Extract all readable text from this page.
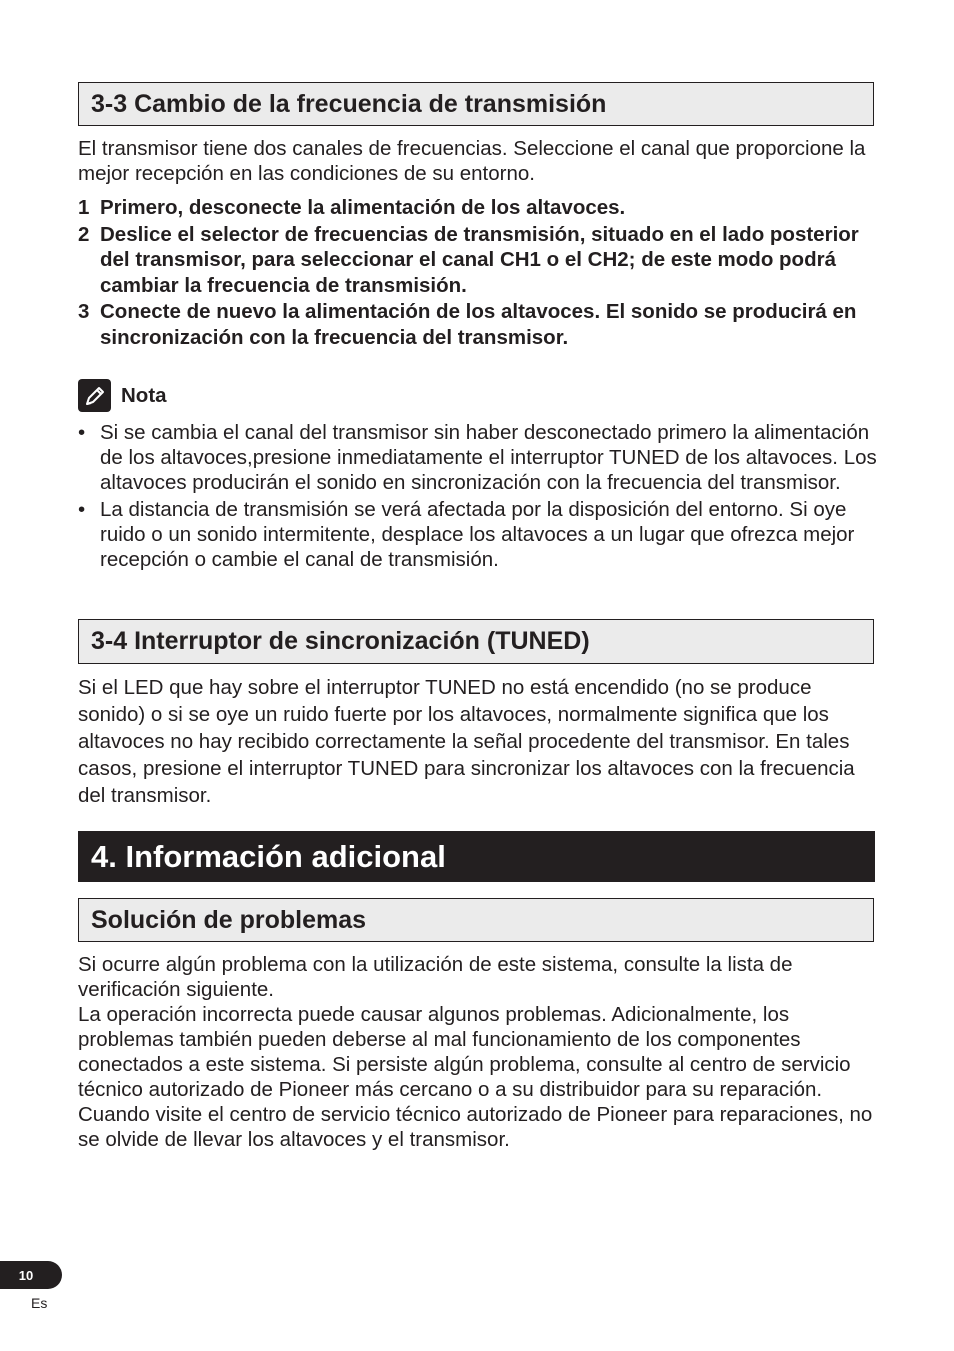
3-3 Cambio de la frecuencia de transmisión

El transmisor tiene dos canales de frecuencias. Seleccione el canal que proporcione la mejor recepción en las condiciones de su entorno.

1 Primero, desconecte la alimentación de los altavoces.
2 Deslice el selector de frecuencias de transmisión, situado en el lado posterior del transmisor, para seleccionar el canal CH1 o el CH2; de este modo podrá cambiar la frecuencia de transmisión.
3 Conecte de nuevo la alimentación de los altavoces. El sonido se producirá en sincronización con la frecuencia del transmisor.
Nota
• Si se cambia el canal del transmisor sin haber desconectado primero la alimentación de los altavoces,presione inmediatamente el interruptor TUNED de los altavoces. Los altavoces producirán el sonido en sincronización con la frecuencia del transmisor.
• La distancia de transmisión se verá afectada por la disposición del entorno. Si oye ruido o un sonido intermitente, desplace los altavoces a un lugar que ofrezca mejor recepción o cambie el canal de transmisión.
3-4 Interruptor de sincronización (TUNED)

Si el LED que hay sobre el interruptor TUNED no está encendido (no se produce sonido) o si se oye un ruido fuerte por los altavoces, normalmente significa que los altavoces no hay recibido correctamente la señal procedente del transmisor. En tales casos, presione el interruptor TUNED para sincronizar los altavoces con la frecuencia del transmisor.

4. Información adicional
Solución de problemas
Si ocurre algún problema con la utilización de este sistema, consulte la lista de verificación siguiente.
La operación incorrecta puede causar algunos problemas. Adicionalmente, los problemas también pueden deberse al mal funcionamiento de los componentes conectados a este sistema. Si persiste algún problema, consulte al centro de servicio técnico autorizado de Pioneer más cercano o a su distribuidor para su reparación.
Cuando visite el centro de servicio técnico autorizado de Pioneer para reparaciones, no se olvide de llevar los altavoces y el transmisor.
10
Es
